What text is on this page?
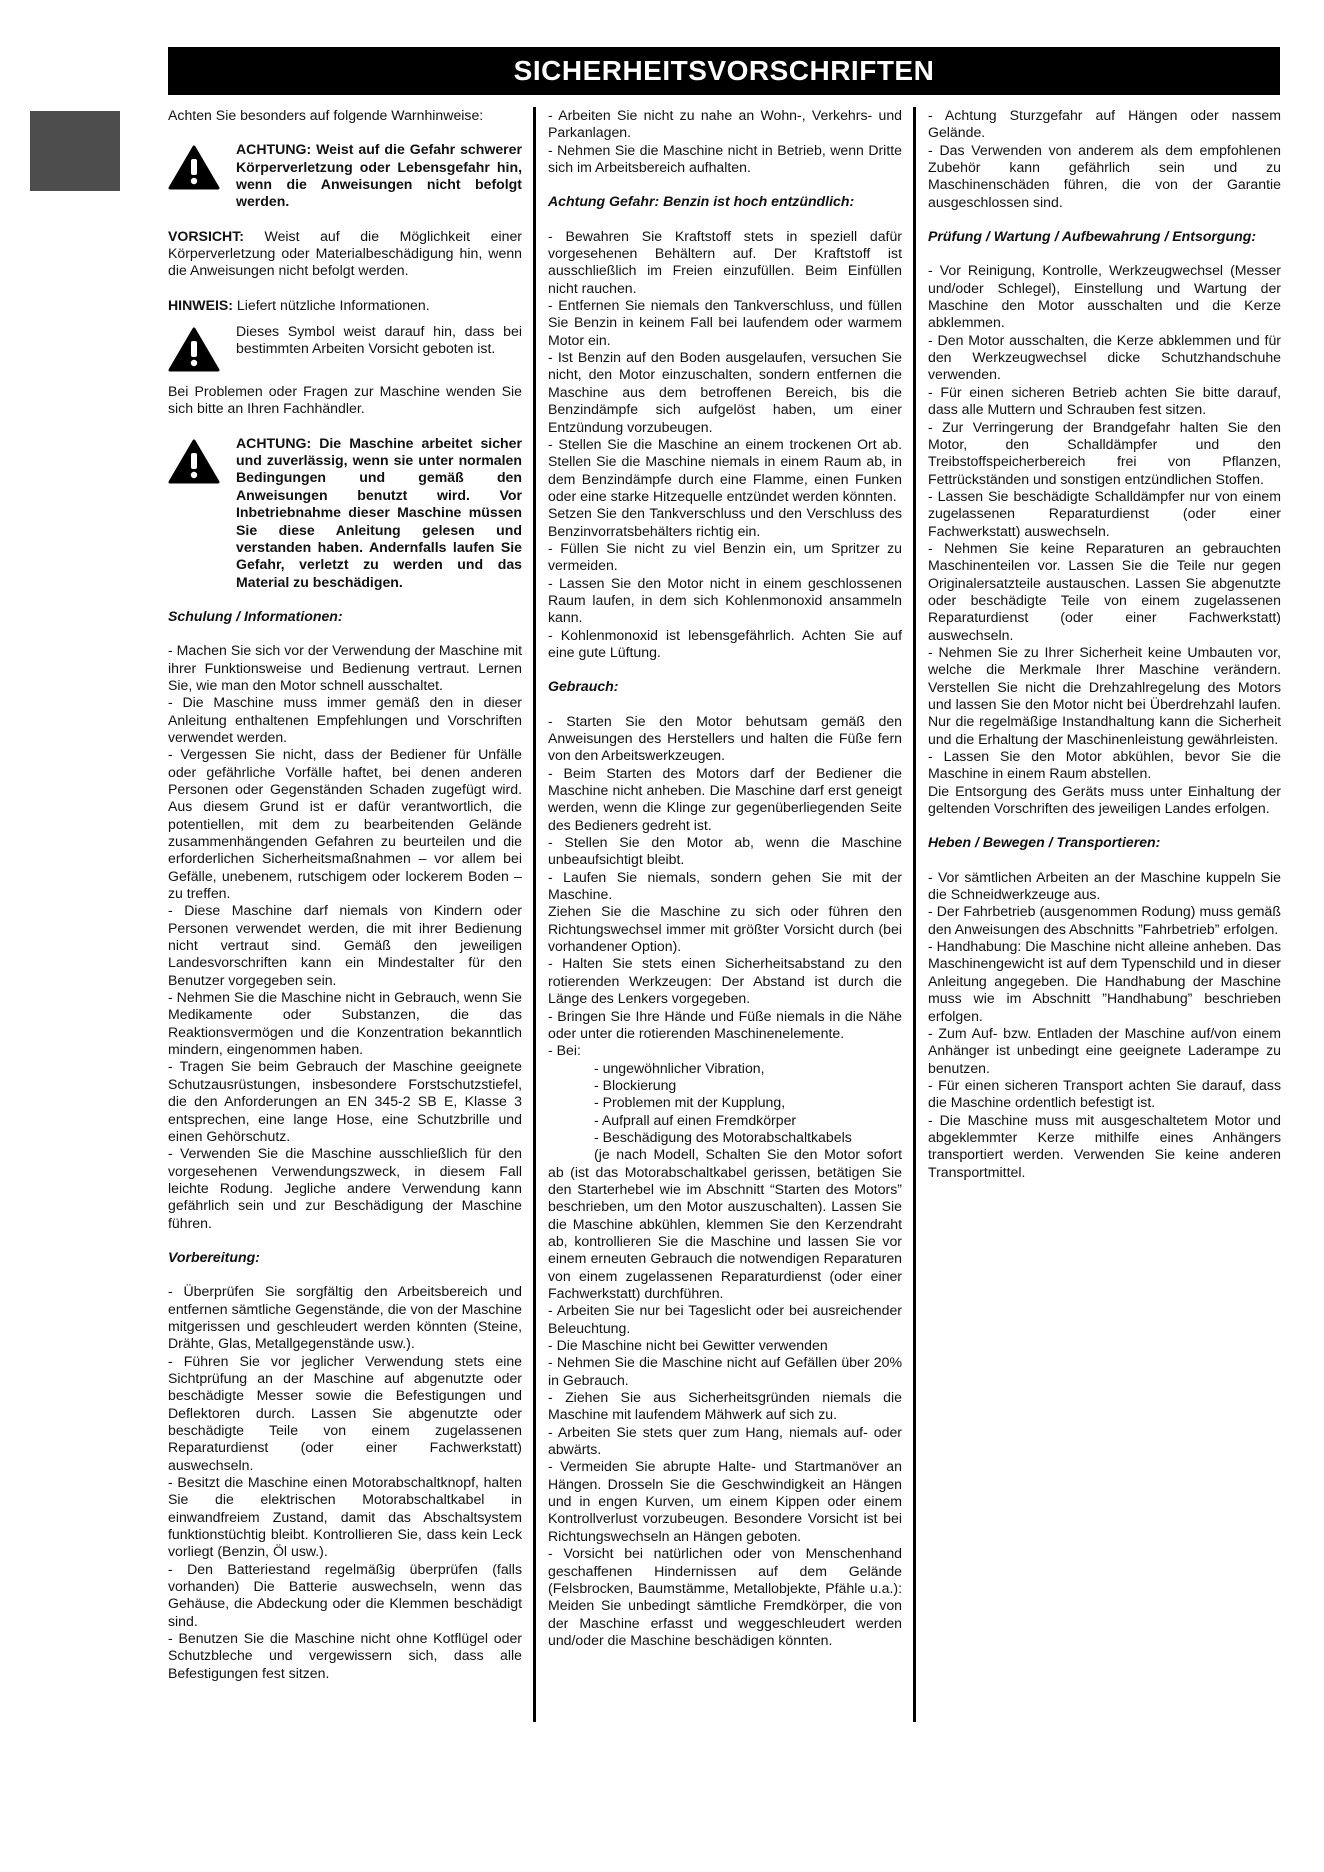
SICHERHEITSVORSCHRIFTEN

Achten Sie besonders auf folgende Warnhinweise:

ACHTUNG: Weist auf die Gefahr schwerer Körperverletzung oder Lebensgefahr hin, wenn die Anweisungen nicht befolgt werden.

VORSICHT: Weist auf die Möglichkeit einer Körperverletzung oder Materialbeschädigung hin, wenn die Anweisungen nicht befolgt werden.

HINWEIS: Liefert nützliche Informationen.

Dieses Symbol weist darauf hin, dass bei bestimmten Arbeiten Vorsicht geboten ist.

Bei Problemen oder Fragen zur Maschine wenden Sie sich bitte an Ihren Fachhändler.

ACHTUNG: Die Maschine arbeitet sicher und zuverlässig, wenn sie unter normalen Bedingungen und gemäß den Anweisungen benutzt wird. Vor Inbetriebnahme dieser Maschine müssen Sie diese Anleitung gelesen und verstanden haben. Andernfalls laufen Sie Gefahr, verletzt zu werden und das Material zu beschädigen.

Schulung / Informationen:

- Machen Sie sich vor der Verwendung der Maschine mit ihrer Funktionsweise und Bedienung vertraut. Lernen Sie, wie man den Motor schnell ausschaltet.

- Die Maschine muss immer gemäß den in dieser Anleitung enthaltenen Empfehlungen und Vorschriften verwendet werden.

- Vergessen Sie nicht, dass der Bediener für Unfälle oder gefährliche Vorfälle haftet, bei denen anderen Personen oder Gegenständen Schaden zugefügt wird. Aus diesem Grund ist er dafür verantwortlich, die potentiellen, mit dem zu bearbeitenden Gelände zusammenhängenden Gefahren zu beurteilen und die erforderlichen Sicherheitsmaßnahmen – vor allem bei Gefälle, unebenem, rutschigem oder lockerem Boden – zu treffen.

- Diese Maschine darf niemals von Kindern oder Personen verwendet werden, die mit ihrer Bedienung nicht vertraut sind. Gemäß den jeweiligen Landesvorschriften kann ein Mindestalter für den Benutzer vorgegeben sein.

- Nehmen Sie die Maschine nicht in Gebrauch, wenn Sie Medikamente oder Substanzen, die das Reaktionsvermögen und die Konzentration bekanntlich mindern, eingenommen haben.

- Tragen Sie beim Gebrauch der Maschine geeignete Schutzausrüstungen, insbesondere Forstschutzstiefel, die den Anforderungen an EN 345-2 SB E, Klasse 3 entsprechen, eine lange Hose, eine Schutzbrille und einen Gehörschutz.

- Verwenden Sie die Maschine ausschließlich für den vorgesehenen Verwendungszweck, in diesem Fall leichte Rodung. Jegliche andere Verwendung kann gefährlich sein und zur Beschädigung der Maschine führen.

Vorbereitung:

- Überprüfen Sie sorgfältig den Arbeitsbereich und entfernen sämtliche Gegenstände, die von der Maschine mitgerissen und geschleudert werden könnten (Steine, Drähte, Glas, Metallgegenstände usw.).

- Führen Sie vor jeglicher Verwendung stets eine Sichtprüfung an der Maschine auf abgenutzte oder beschädigte Messer sowie die Befestigungen und Deflektoren durch. Lassen Sie abgenutzte oder beschädigte Teile von einem zugelassenen Reparaturdienst (oder einer Fachwerkstatt) auswechseln.

- Besitzt die Maschine einen Motorabschaltknopf, halten Sie die elektrischen Motorabschaltkabel in einwandfreiem Zustand, damit das Abschaltsystem funktionstüchtig bleibt. Kontrollieren Sie, dass kein Leck vorliegt (Benzin, Öl usw.).

- Den Batteriestand regelmäßig überprüfen (falls vorhanden) Die Batterie auswechseln, wenn das Gehäuse, die Abdeckung oder die Klemmen beschädigt sind.

- Benutzen Sie die Maschine nicht ohne Kotflügel oder Schutzbleche und vergewissern sich, dass alle Befestigungen fest sitzen.

- Arbeiten Sie nicht zu nahe an Wohn-, Verkehrs- und Parkanlagen.

- Nehmen Sie die Maschine nicht in Betrieb, wenn Dritte sich im Arbeitsbereich aufhalten.

Achtung Gefahr: Benzin ist hoch entzündlich:

- Bewahren Sie Kraftstoff stets in speziell dafür vorgesehenen Behältern auf. Der Kraftstoff ist ausschließlich im Freien einzufüllen. Beim Einfüllen nicht rauchen.

- Entfernen Sie niemals den Tankverschluss, und füllen Sie Benzin in keinem Fall bei laufendem oder warmem Motor ein.

- Ist Benzin auf den Boden ausgelaufen, versuchen Sie nicht, den Motor einzuschalten, sondern entfernen die Maschine aus dem betroffenen Bereich, bis die Benzindämpfe sich aufgelöst haben, um einer Entzündung vorzubeugen.

- Stellen Sie die Maschine an einem trockenen Ort ab. Stellen Sie die Maschine niemals in einem Raum ab, in dem Benzindämpfe durch eine Flamme, einen Funken oder eine starke Hitzequelle entzündet werden könnten.

Setzen Sie den Tankverschluss und den Verschluss des Benzinvorratsbehälters richtig ein.

- Füllen Sie nicht zu viel Benzin ein, um Spritzer zu vermeiden.

- Lassen Sie den Motor nicht in einem geschlossenen Raum laufen, in dem sich Kohlenmonoxid ansammeln kann.

- Kohlenmonoxid ist lebensgefährlich. Achten Sie auf eine gute Lüftung.

Gebrauch:

- Starten Sie den Motor behutsam gemäß den Anweisungen des Herstellers und halten die Füße fern von den Arbeitswerkzeugen.

- Beim Starten des Motors darf der Bediener die Maschine nicht anheben. Die Maschine darf erst geneigt werden, wenn die Klinge zur gegenüberliegenden Seite des Bedieners gedreht ist.

- Stellen Sie den Motor ab, wenn die Maschine unbeaufsichtigt bleibt.

- Laufen Sie niemals, sondern gehen Sie mit der Maschine.

Ziehen Sie die Maschine zu sich oder führen den Richtungswechsel immer mit größter Vorsicht durch (bei vorhandener Option).

- Halten Sie stets einen Sicherheitsabstand zu den rotierenden Werkzeugen: Der Abstand ist durch die Länge des Lenkers vorgegeben.

- Bringen Sie Ihre Hände und Füße niemals in die Nähe oder unter die rotierenden Maschinenelemente.

- Bei:

- ungewöhnlicher Vibration,

- Blockierung

- Problemen mit der Kupplung,

- Aufprall auf einen Fremdkörper

- Beschädigung des Motorabschaltkabels

(je nach Modell, Schalten Sie den Motor sofort ab (ist das Motorabschaltkabel gerissen, betätigen Sie den Starterhebel wie im Abschnitt “Starten des Motors” beschrieben, um den Motor auszuschalten). Lassen Sie die Maschine abkühlen, klemmen Sie den Kerzendraht ab, kontrollieren Sie die Maschine und lassen Sie vor einem erneuten Gebrauch die notwendigen Reparaturen von einem zugelassenen Reparaturdienst (oder einer Fachwerkstatt) durchführen.

- Arbeiten Sie nur bei Tageslicht oder bei ausreichender Beleuchtung.

- Die Maschine nicht bei Gewitter verwenden

- Nehmen Sie die Maschine nicht auf Gefällen über 20% in Gebrauch.

- Ziehen Sie aus Sicherheitsgründen niemals die Maschine mit laufendem Mähwerk auf sich zu.

- Arbeiten Sie stets quer zum Hang, niemals auf- oder abwärts.

- Vermeiden Sie abrupte Halte- und Startmanöver an Hängen. Drosseln Sie die Geschwindigkeit an Hängen und in engen Kurven, um einem Kippen oder einem Kontrollverlust vorzubeugen. Besondere Vorsicht ist bei Richtungswechseln an Hängen geboten.

- Vorsicht bei natürlichen oder von Menschenhand geschaffenen Hindernissen auf dem Gelände (Felsbrocken, Baumstämme, Metallobjekte, Pfähle u.a.): Meiden Sie unbedingt sämtliche Fremdkörper, die von der Maschine erfasst und weggeschleudert werden und/oder die Maschine beschädigen könnten.

- Achtung Sturzgefahr auf Hängen oder nassem Gelände.

- Das Verwenden von anderem als dem empfohlenen Zubehör kann gefährlich sein und zu Maschinenschäden führen, die von der Garantie ausgeschlossen sind.

Prüfung / Wartung / Aufbewahrung / Entsorgung:

- Vor Reinigung, Kontrolle, Werkzeugwechsel (Messer und/oder Schlegel), Einstellung und Wartung der Maschine den Motor ausschalten und die Kerze abklemmen.

- Den Motor ausschalten, die Kerze abklemmen und für den Werkzeugwechsel dicke Schutzhandschuhe verwenden.

- Für einen sicheren Betrieb achten Sie bitte darauf, dass alle Muttern und Schrauben fest sitzen.

- Zur Verringerung der Brandgefahr halten Sie den Motor, den Schalldämpfer und den Treibstoffspeicherbereich frei von Pflanzen, Fettrückständen und sonstigen entzündlichen Stoffen.

- Lassen Sie beschädigte Schalldämpfer nur von einem zugelassenen Reparaturdienst (oder einer Fachwerkstatt) auswechseln.

- Nehmen Sie keine Reparaturen an gebrauchten Maschinenteilen vor. Lassen Sie die Teile nur gegen Originalersatzteile austauschen. Lassen Sie abgenutzte oder beschädigte Teile von einem zugelassenen Reparaturdienst (oder einer Fachwerkstatt) auswechseln.

- Nehmen Sie zu Ihrer Sicherheit keine Umbauten vor, welche die Merkmale Ihrer Maschine verändern. Verstellen Sie nicht die Drehzahlregelung des Motors und lassen Sie den Motor nicht bei Überdrehzahl laufen. Nur die regelmäßige Instandhaltung kann die Sicherheit und die Erhaltung der Maschinenleistung gewährleisten.

- Lassen Sie den Motor abkühlen, bevor Sie die Maschine in einem Raum abstellen.

Die Entsorgung des Geräts muss unter Einhaltung der geltenden Vorschriften des jeweiligen Landes erfolgen.

Heben / Bewegen / Transportieren:

- Vor sämtlichen Arbeiten an der Maschine kuppeln Sie die Schneidwerkzeuge aus.

- Der Fahrbetrieb (ausgenommen Rodung) muss gemäß den Anweisungen des Abschnitts ”Fahrbetrieb” erfolgen.

- Handhabung: Die Maschine nicht alleine anheben. Das Maschinengewicht ist auf dem Typenschild und in dieser Anleitung angegeben. Die Handhabung der Maschine muss wie im Abschnitt ”Handhabung” beschrieben erfolgen.

- Zum Auf- bzw. Entladen der Maschine auf/von einem Anhänger ist unbedingt eine geeignete Laderampe zu benutzen.

- Für einen sicheren Transport achten Sie darauf, dass die Maschine ordentlich befestigt ist.

- Die Maschine muss mit ausgeschaltetem Motor und abgeklemmter Kerze mithilfe eines Anhängers transportiert werden. Verwenden Sie keine anderen Transportmittel.
